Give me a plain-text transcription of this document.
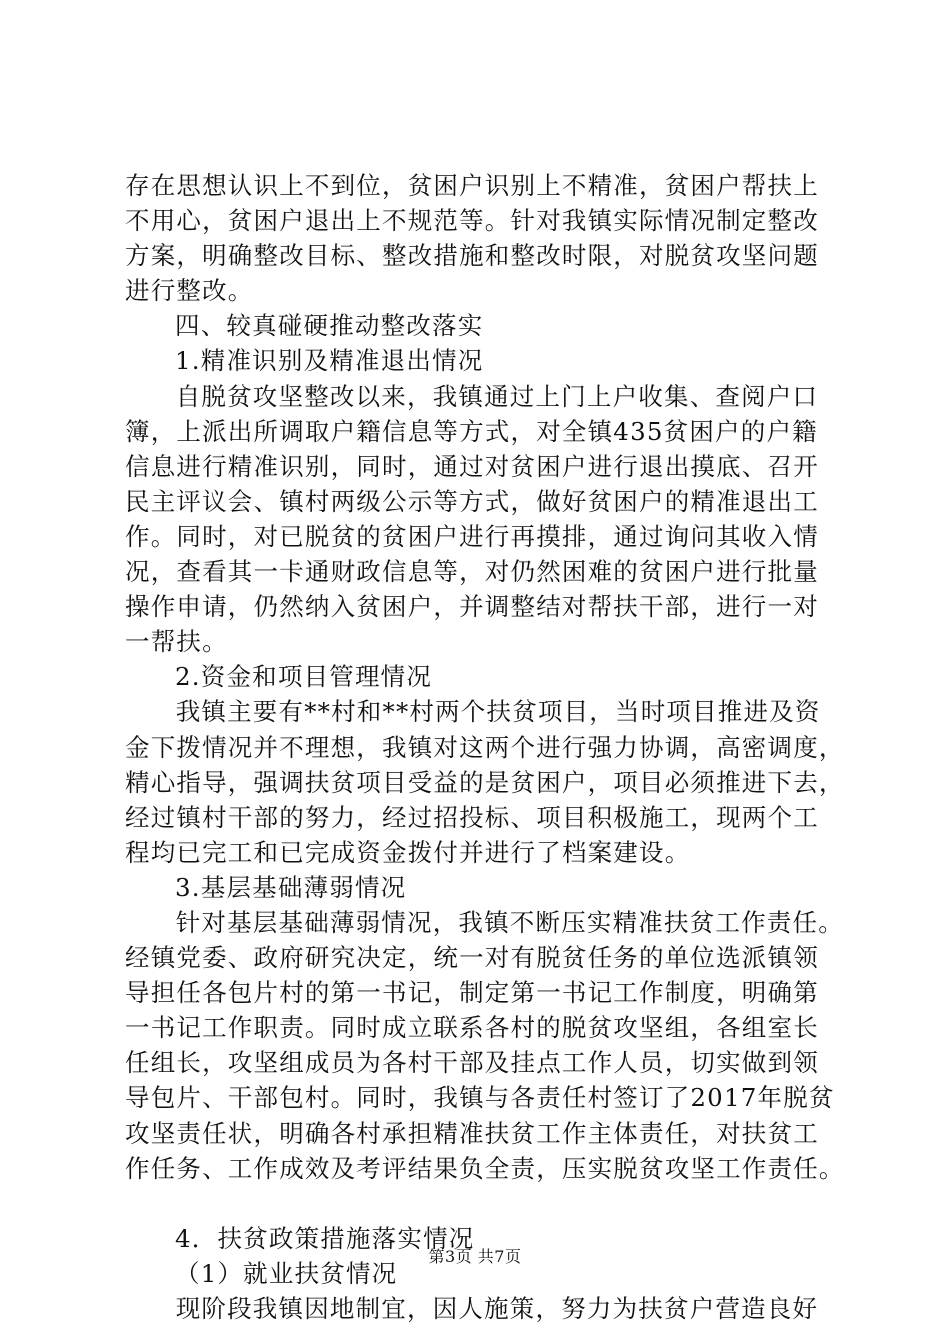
存在思想认识上不到位，贫困户识别上不精准，贫困户帮扶上
不用心，贫困户退出上不规范等。针对我镇实际情况制定整改
方案，明确整改目标、整改措施和整改时限，对脱贫攻坚问题
进行整改。
四、较真碰硬推动整改落实
1.精准识别及精准退出情况
　自脱贫攻坚整改以来，我镇通过上门上户收集、查阅户口
簿，上派出所调取户籍信息等方式，对全镇435贫困户的户籍
信息进行精准识别，同时，通过对贫困户进行退出摸底、召开
民主评议会、镇村两级公示等方式，做好贫困户的精准退出工
作。同时，对已脱贫的贫困户进行再摸排，通过询问其收入情
况，查看其一卡通财政信息等，对仍然困难的贫困户进行批量
操作申请，仍然纳入贫困户，并调整结对帮扶干部，进行一对
一帮扶。
2.资金和项目管理情况
　我镇主要有**村和**村两个扶贫项目，当时项目推进及资
金下拨情况并不理想，我镇对这两个进行强力协调，高密调度，
精心指导，强调扶贫项目受益的是贫困户，项目必须推进下去，
经过镇村干部的努力，经过招投标、项目积极施工，现两个工
程均已完工和已完成资金拨付并进行了档案建设。
3.基层基础薄弱情况
　针对基层基础薄弱情况，我镇不断压实精准扶贫工作责任。
经镇党委、政府研究决定，统一对有脱贫任务的单位选派镇领
导担任各包片村的第一书记，制定第一书记工作制度，明确第
一书记工作职责。同时成立联系各村的脱贫攻坚组，各组室长
任组长，攻坚组成员为各村干部及挂点工作人员，切实做到领
导包片、干部包村。同时，我镇与各责任村签订了2017年脱贫
攻坚责任状，明确各村承担精准扶贫工作主体责任，对扶贫工
作任务、工作成效及考评结果负全责，压实脱贫攻坚工作责任。
4．扶贫政策措施落实情况
（1）就业扶贫情况
　现阶段我镇因地制宜，因人施策，努力为扶贫户营造良好
第3页 共7页
